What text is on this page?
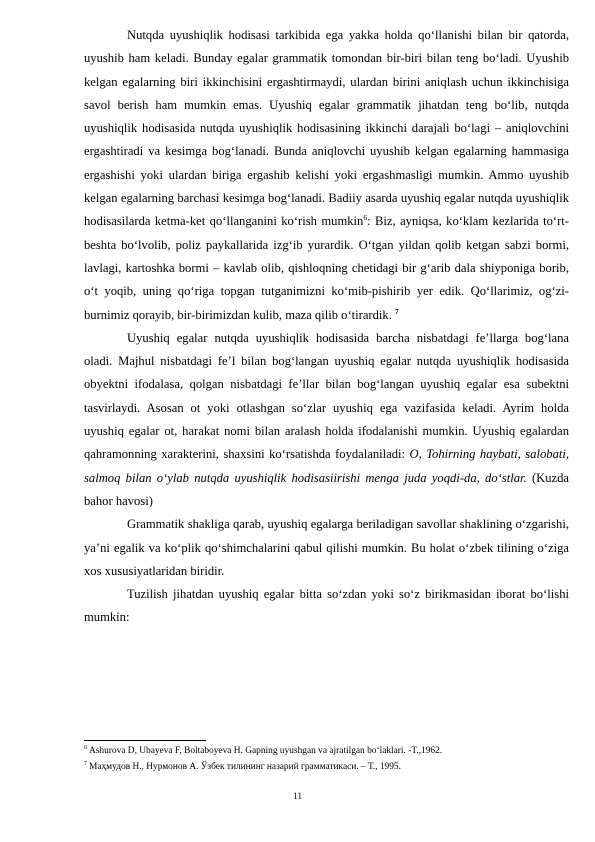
Nutqda uyushiqlik hodisasi tarkibida ega yakka holda qo‘llanishi bilan bir qatorda, uyushib ham keladi. Bunday egalar grammatik tomondan bir-biri bilan teng bo‘ladi. Uyushib kelgan egalarning biri ikkinchisini ergashtirmaydi, ulardan birini aniqlash uchun ikkinchisiga savol berish ham mumkin emas. Uyushiq egalar grammatik jihatdan teng bo‘lib, nutqda uyushiqlik hodisasida nutqda uyushiqlik hodisasining ikkinchi darajali bo‘lagi – aniqlovchini ergashtiradi va kesimga bog‘lanadi. Bunda aniqlovchi uyushib kelgan egalarning hammasiga ergashishi yoki ulardan biriga ergashib kelishi yoki ergashmasligi mumkin. Ammo uyushib kelgan egalarning barchasi kesimga bog‘lanadi. Badiiy asarda uyushiq egalar nutqda uyushiqlik hodisasilarda ketma-ket qo‘llanganini ko‘rish mumkin$^6$: Biz, ayniqsa, ko‘klam kezlarida to‘rt-beshta bo‘lvolib, poliz paykallarida izg‘ib yurardik. O‘tgan yildan qolib ketgan sabzi bormi, lavlagi, kartoshka bormi – kavlab olib, qishloqning chetidagi bir g‘arib dala shiyponiga borib, o‘t yoqib, uning qo‘riga topgan tutganimizni ko‘mib-pishirib yer edik. Qo‘llarimiz, og‘zi-burnimiz qorayib, bir-birimizdan kulib, maza qilib o‘tirardik. $^7$

Uyushiq egalar nutqda uyushiqlik hodisasida barcha nisbatdagi fe’llarga bog‘lana oladi. Majhul nisbatdagi fe’l bilan bog‘langan uyushiq egalar nutqda uyushiqlik hodisasida obyektni ifodalasa, qolgan nisbatdagi fe’llar bilan bog‘langan uyushiq egalar esa subektni tasvirlaydi. Asosan ot yoki otlashgan so‘zlar uyushiq ega vazifasida keladi. Ayrim holda uyushiq egalar ot, harakat nomi bilan aralash holda ifodalanishi mumkin. Uyushiq egalardan qahramonning xarakterini, shaxsini ko‘rsatishda foydalaniladi: O, Tohirning haybati, salobati, salmoq bilan o‘ylab nutqda uyushiqlik hodisasiirishi menga juda yoqdi-da, do‘stlar. (Kuzda bahor havosi)

Grammatik shakliga qarab, uyushiq egalarga beriladigan savollar shaklining o‘zgarishi, ya’ni egalik va ko‘plik qo‘shimchalarini qabul qilishi mumkin. Bu holat o‘zbek tilining o‘ziga xos xususiyatlaridan biridir.

Tuzilish jihatdan uyushiq egalar bitta so‘zdan yoki so‘z birikmasidan iborat bo‘lishi mumkin:

$^6$ Ashurova D, Ubayeva F, Boltaboyeva H. Gapning uyushgan va ajratilgan bo‘laklari. -T.,1962.
$^7$ Маҳмудов Н., Нурмонов А. Ўзбек тилининг назарий грамматикаси. – Т., 1995.
11
